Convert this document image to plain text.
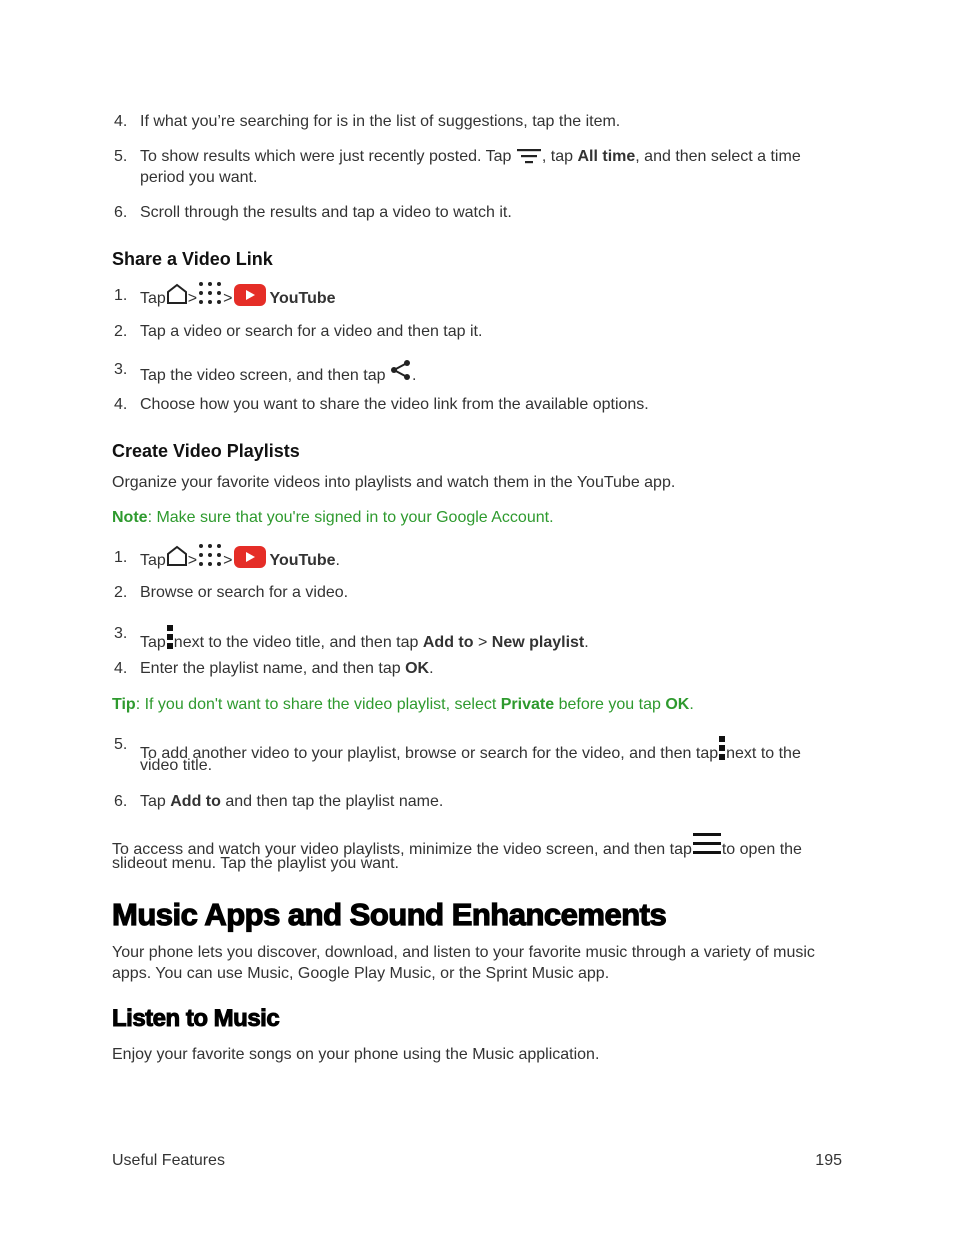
4. If what you’re searching for is in the list of suggestions, tap the item.
5. To show results which were just recently posted. Tap , tap All time, and then select a time
period you want.
6. Scroll through the results and tap a video to watch it.
Share a Video Link
1. Tap > > YouTube
2. Tap a video or search for a video and then tap it.
3. Tap the video screen, and then tap .
4. Choose how you want to share the video link from the available options.
Create Video Playlists
Organize your favorite videos into playlists and watch them in the YouTube app.
Note: Make sure that you're signed in to your Google Account.
1. Tap > > YouTube.
2. Browse or search for a video.
3.
Tap next to the video title, and then tap Add to > New playlist.
4. Enter the playlist name, and then tap OK.
Tip: If you don't want to share the video playlist, select Private before you tap OK.
5.
To add another video to your playlist, browse or search for the video, and then tap next to the
video title.
6. Tap Add to and then tap the playlist name.
To access and watch your video playlists, minimize the video screen, and then tap to open the
slideout menu. Tap the playlist you want.
Music Apps and Sound Enhancements
Your phone lets you discover, download, and listen to your favorite music through a variety of music
apps. You can use Music, Google Play Music, or the Sprint Music app.
Listen to Music
Enjoy your favorite songs on your phone using the Music application.
Useful Features	195
